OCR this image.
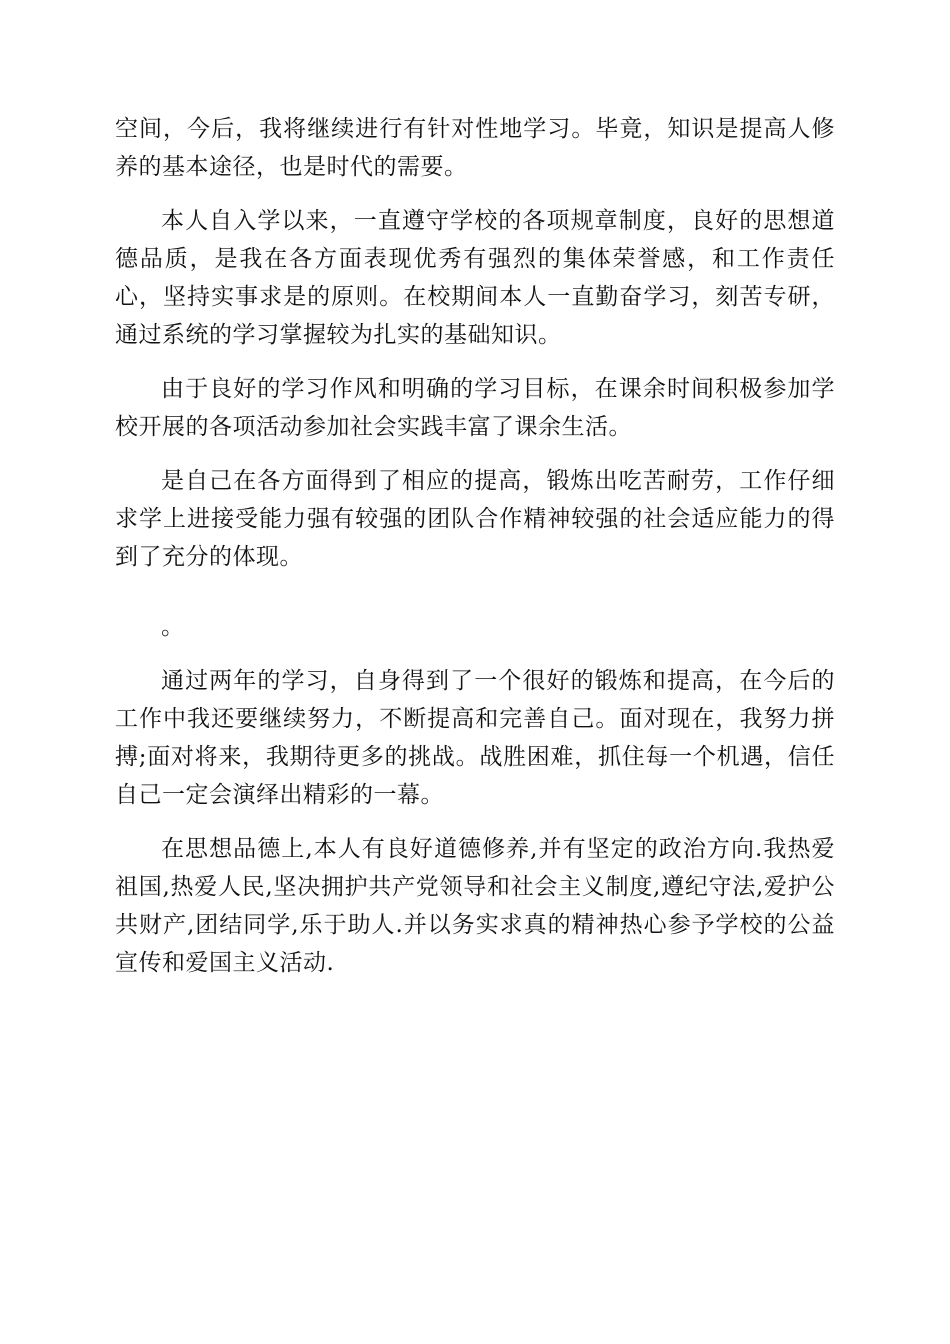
空间，今后，我将继续进行有针对性地学习。毕竟，知识是提高人修养的基本途径，也是时代的需要。

本人自入学以来，一直遵守学校的各项规章制度，良好的思想道德品质，是我在各方面表现优秀有强烈的集体荣誉感，和工作责任心，坚持实事求是的原则。在校期间本人一直勤奋学习，刻苦专研，通过系统的学习掌握较为扎实的基础知识。

由于良好的学习作风和明确的学习目标，在课余时间积极参加学校开展的各项活动参加社会实践丰富了课余生活。

是自己在各方面得到了相应的提高，锻炼出吃苦耐劳，工作仔细求学上进接受能力强有较强的团队合作精神较强的社会适应能力的得到了充分的体现。

。

通过两年的学习，自身得到了一个很好的锻炼和提高，在今后的工作中我还要继续努力，不断提高和完善自己。面对现在，我努力拼搏;面对将来，我期待更多的挑战。战胜困难，抓住每一个机遇，信任自己一定会演绎出精彩的一幕。

在思想品德上,本人有良好道德修养,并有坚定的政治方向.我热爱祖国,热爱人民,坚决拥护共产党领导和社会主义制度,遵纪守法,爱护公共财产,团结同学,乐于助人.并以务实求真的精神热心参予学校的公益宣传和爱国主义活动.
